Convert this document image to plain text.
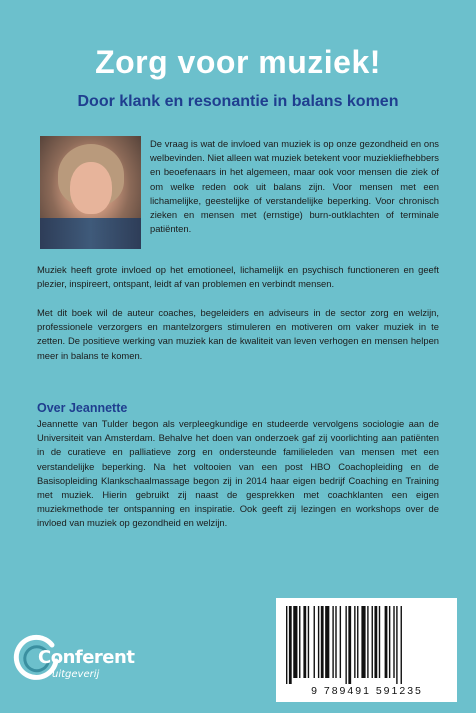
Zorg voor muziek!
Door klank en resonantie in balans komen
De vraag is wat de invloed van muziek is op onze gezondheid en ons welbevinden. Niet alleen wat muziek betekent voor muziekliefhebbers en beoefenaars in het algemeen, maar ook voor mensen die ziek of om welke reden ook uit balans zijn. Voor mensen met een lichamelijke, geestelijke of verstandelijke beperking. Voor chronisch zieken en mensen met (ernstige) burn-outklachten of terminale patiënten.
Muziek heeft grote invloed op het emotioneel, lichamelijk en psychisch functioneren en geeft plezier, inspireert, ontspant, leidt af van problemen en verbindt mensen.
Met dit boek wil de auteur coaches, begeleiders en adviseurs in de sector zorg en welzijn, professionele verzorgers en mantelzorgers stimuleren en motiveren om vaker muziek in te zetten. De positieve werking van muziek kan de kwaliteit van leven verhogen en mensen helpen meer in balans te komen.
Over Jeannette
Jeannette van Tulder begon als verpleegkundige en studeerde vervolgens sociologie aan de Universiteit van Amsterdam. Behalve het doen van onderzoek gaf zij voorlichting aan patiënten in de curatieve en palliatieve zorg en ondersteunde familieleden van mensen met een verstandelijke beperking. Na het voltooien van een post HBO Coachopleiding en de Basisopleiding Klankschaalmassage begon zij in 2014 haar eigen bedrijf Coaching en Training met muziek. Hierin gebruikt zij naast de gesprekken met coachklanten een eigen muziekmethode ter ontspanning en inspiratie. Ook geeft zij lezingen en workshops over de invloed van muziek op gezondheid en welzijn.
Conferent
uitgeverij
9 789491 591235
